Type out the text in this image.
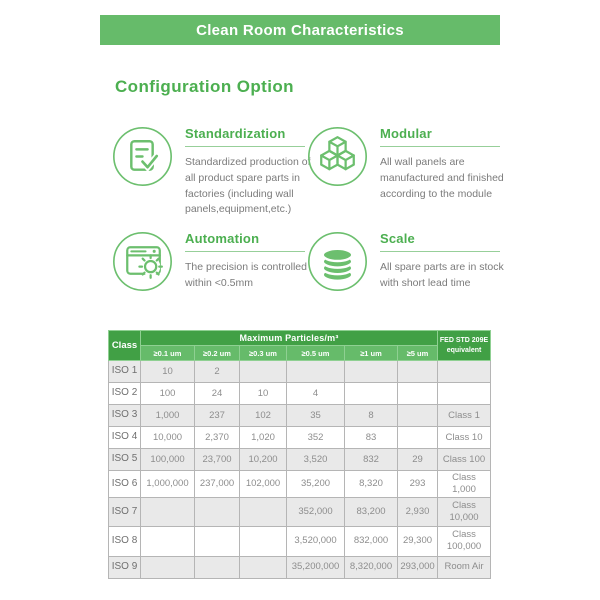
Clean Room Characteristics
Configuration Option
Standardization
Standardized production of all product spare parts in factories (including wall panels,equipment,etc.)
Modular
All wall panels are manufactured and finished according to the module
Automation
The precision is controlled within <0.5mm
Scale
All spare parts are in stock with short lead time
Class	Maximum Particles/m³						FED STD 209E equivalent
	≥0.1 um	≥0.2 um	≥0.3 um	≥0.5 um	≥1 um	≥5 um	
ISO 1	10	2					
ISO 2	100	24	10	4			
ISO 3	1,000	237	102	35	8		Class 1
ISO 4	10,000	2,370	1,020	352	83		Class 10
ISO 5	100,000	23,700	10,200	3,520	832	29	Class 100
ISO 6	1,000,000	237,000	102,000	35,200	8,320	293	Class 1,000
ISO 7				352,000	83,200	2,930	Class 10,000
ISO 8				3,520,000	832,000	29,300	Class 100,000
ISO 9				35,200,000	8,320,000	293,000	Room Air
